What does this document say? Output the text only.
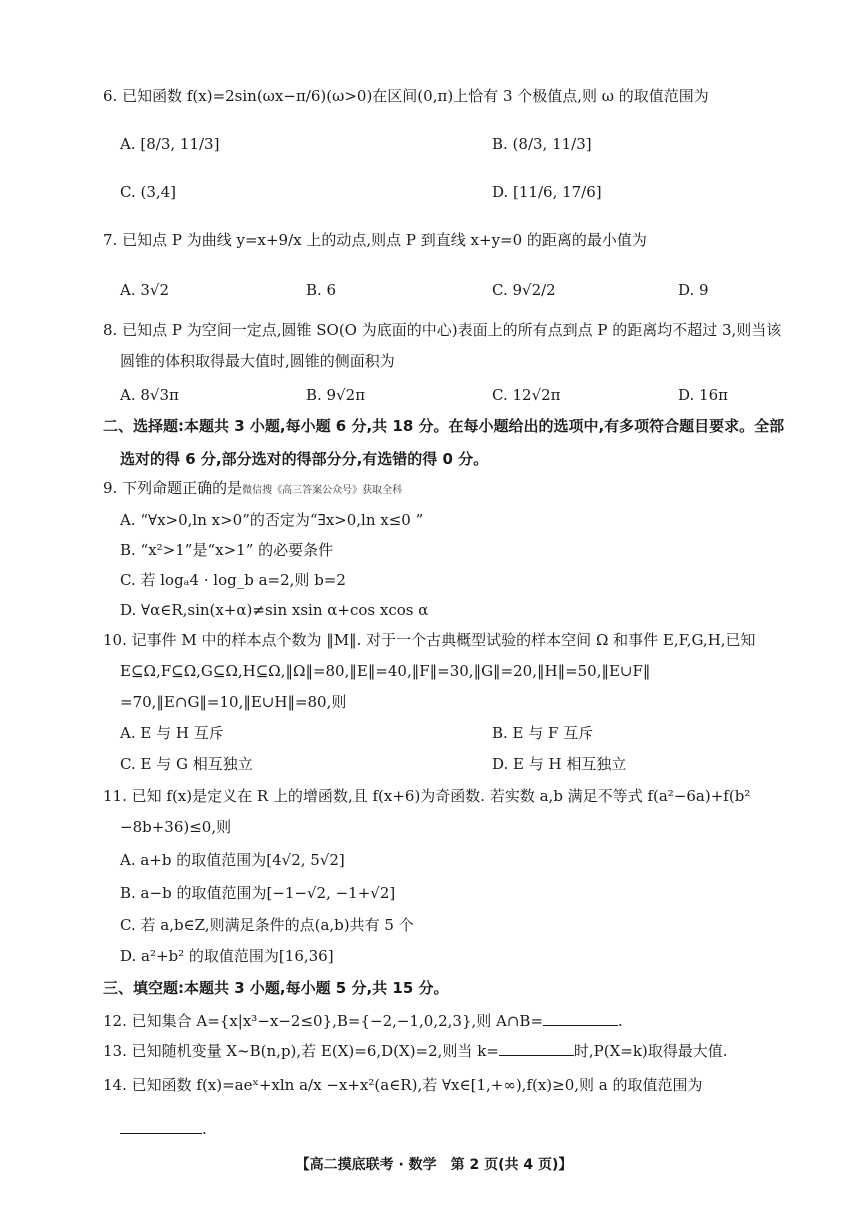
6. 已知函数 f(x)=2sin(ωx−π/6)(ω>0)在区间(0,π)上恰有 3 个极值点,则 ω 的取值范围为
A. [8/3, 11/3]	B. (8/3, 11/3]
C. (3,4]	D. [11/6, 17/6]
7. 已知点 P 为曲线 y=x+9/x 上的动点,则点 P 到直线 x+y=0 的距离的最小值为
A. 3√2	B. 6	C. 9√2/2	D. 9
8. 已知点 P 为空间一定点,圆锥 SO(O 为底面的中心)表面上的所有点到点 P 的距离均不超过 3,则当该
圆锥的体积取得最大值时,圆锥的侧面积为
A. 8√3π	B. 9√2π	C. 12√2π	D. 16π
二、选择题:本题共 3 小题,每小题 6 分,共 18 分。在每小题给出的选项中,有多项符合题目要求。全部
选对的得 6 分,部分选对的得部分分,有选错的得 0 分。
9. 下列命题正确的是微信搜《高三答案公众号》获取全科
A. “∀x>0,ln x>0”的否定为“∃x>0,ln x≤0 ”
B. “x²>1”是“x>1” 的必要条件
C. 若 logₐ4 · log_b a=2,则 b=2
D. ∀α∈R,sin(x+α)≠sin xsin α+cos xcos α
10. 记事件 M 中的样本点个数为 ‖M‖. 对于一个古典概型试验的样本空间 Ω 和事件 E,F,G,H,已知
E⊆Ω,F⊆Ω,G⊆Ω,H⊆Ω,‖Ω‖=80,‖E‖=40,‖F‖=30,‖G‖=20,‖H‖=50,‖E∪F‖
=70,‖E∩G‖=10,‖E∪H‖=80,则
A. E 与 H 互斥	B. E 与 F 互斥
C. E 与 G 相互独立	D. E 与 H 相互独立
11. 已知 f(x)是定义在 R 上的增函数,且 f(x+6)为奇函数. 若实数 a,b 满足不等式 f(a²−6a)+f(b²
−8b+36)≤0,则
A. a+b 的取值范围为[4√2, 5√2]
B. a−b 的取值范围为[−1−√2, −1+√2]
C. 若 a,b∈Z,则满足条件的点(a,b)共有 5 个
D. a²+b² 的取值范围为[16,36]
三、填空题:本题共 3 小题,每小题 5 分,共 15 分。
12. 已知集合 A={x|x³−x−2≤0},B={−2,−1,0,2,3},则 A∩B=	.
13. 已知随机变量 X~B(n,p),若 E(X)=6,D(X)=2,则当 k=	时,P(X=k)取得最大值.
14. 已知函数 f(x)=aeˣ+xln a/x −x+x²(a∈R),若 ∀x∈[1,+∞),f(x)≥0,则 a 的取值范围为
.
【高二摸底联考 · 数学　第 2 页(共 4 页)】
